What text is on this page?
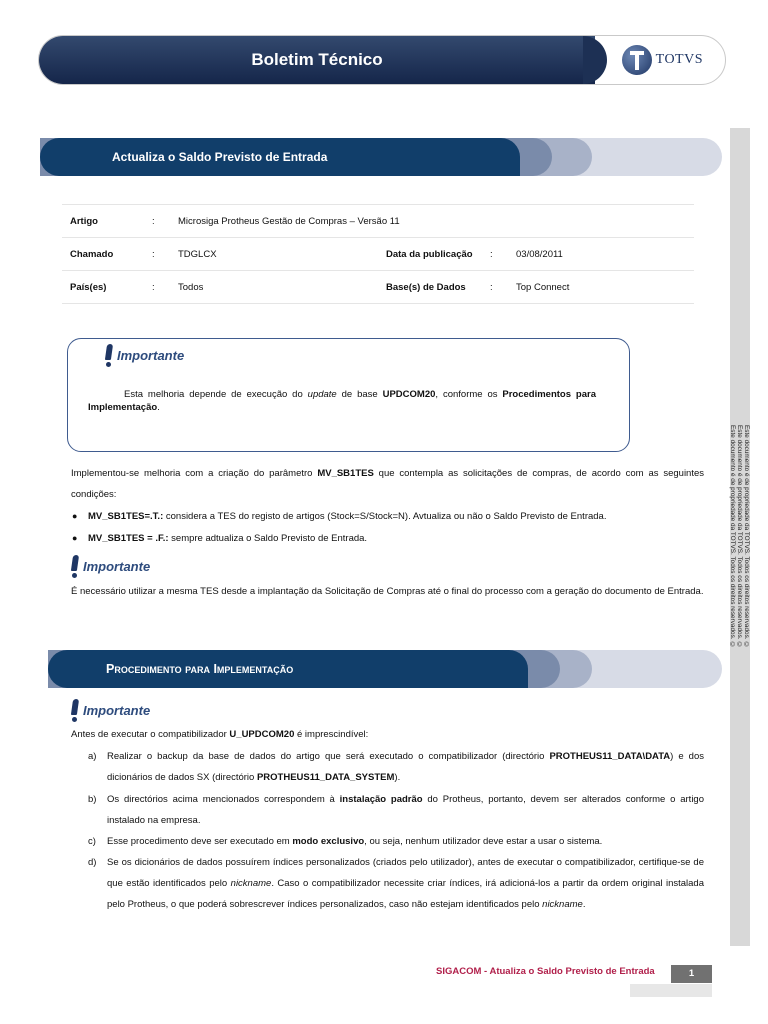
Boletim Técnico	TOTVS
Este documento é de propriedade da TOTVS. Todos os direitos reservados. ©
Este documento é de propriedade da TOTVS. Todos os direitos reservados. ©
Este documento é de propriedade da TOTVS. Todos os direitos reservados. ©
Actualiza o Saldo Previsto de Entrada
Artigo	:	Microsiga Protheus Gestão de Compras – Versão 11			
Chamado	:	TDGLCX	Data da publicação	:	03/08/2011
País(es)	:	Todos	Base(s) de Dados	:	Top Connect
Importante
Esta melhoria depende de execução do update de base UPDCOM20, conforme os Procedimentos para Implementação.
Implementou-se melhoria com a criação do parâmetro MV_SB1TES que contempla as solicitações de compras, de acordo com as seguintes condições:
● MV_SB1TES=.T.: considera a TES do registo de artigos (Stock=S/Stock=N). Avtualiza ou não o Saldo Previsto de Entrada.
● MV_SB1TES = .F.: sempre adtualiza o Saldo Previsto de Entrada.
Importante
É necessário utilizar a mesma TES desde a implantação da Solicitação de Compras até o final do processo com a geração do documento de Entrada.
Procedimento para Implementação
Importante
Antes de executar o compatibilizador U_UPDCOM20 é imprescindível:
a) Realizar o backup da base de dados do artigo que será executado o compatibilizador (directório PROTHEUS11_DATA\DATA) e dos dicionários de dados SX (directório PROTHEUS11_DATA_SYSTEM).
b) Os directórios acima mencionados correspondem à instalação padrão do Protheus, portanto, devem ser alterados conforme o artigo instalado na empresa.
c) Esse procedimento deve ser executado em modo exclusivo, ou seja, nenhum utilizador deve estar a usar o sistema.
d) Se os dicionários de dados possuírem índices personalizados (criados pelo utilizador), antes de executar o compatibilizador, certifique-se de que estão identificados pelo nickname. Caso o compatibilizador necessite criar índices, irá adicioná-los a partir da ordem original instalada pelo Protheus, o que poderá sobrescrever índices personalizados, caso não estejam identificados pelo nickname.
SIGACOM - Atualiza o Saldo Previsto de Entrada	1
